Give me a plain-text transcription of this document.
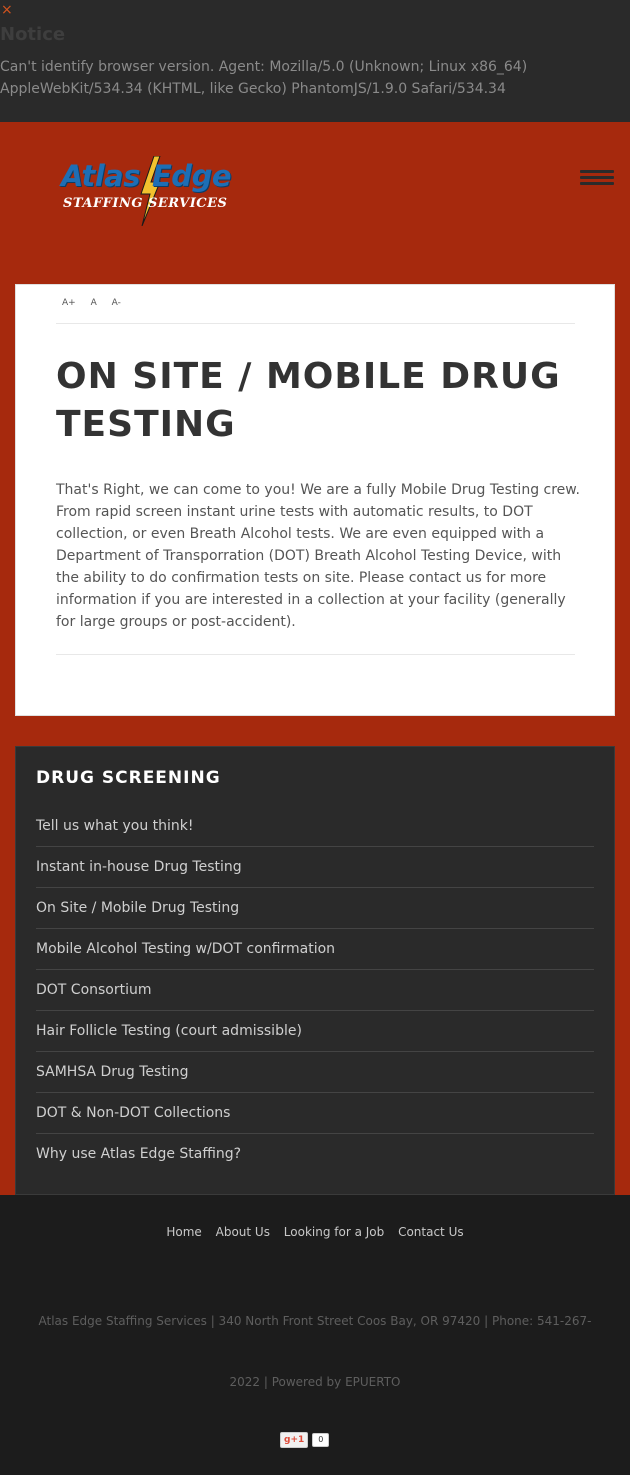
×
Notice
Can't identify browser version. Agent: Mozilla/5.0 (Unknown; Linux x86_64) AppleWebKit/534.34 (KHTML, like Gecko) PhantomJS/1.9.0 Safari/534.34
Atlas Edge
STAFFING SERVICES
A+ A A-
ON SITE / MOBILE DRUG TESTING

That's Right, we can come to you! We are a fully Mobile Drug Testing crew. From rapid screen instant urine tests with automatic results, to DOT collection, or even Breath Alcohol tests. We are even equipped with a Department of Transporration (DOT) Breath Alcohol Testing Device, with the ability to do confirmation tests on site. Please contact us for more information if you are interested in a collection at your facility (generally for large groups or post-accident).

DRUG SCREENING
Tell us what you think!
Instant in-house Drug Testing
On Site / Mobile Drug Testing
Mobile Alcohol Testing w/DOT confirmation
DOT Consortium
Hair Follicle Testing (court admissible)
SAMHSA Drug Testing
DOT & Non-DOT Collections
Why use Atlas Edge Staffing?
Home About Us Looking for a Job Contact Us
Atlas Edge Staffing Services | 340 North Front Street Coos Bay, OR 97420 | Phone: 541-267-
2022 | Powered by EPUERTO
g+1	0
